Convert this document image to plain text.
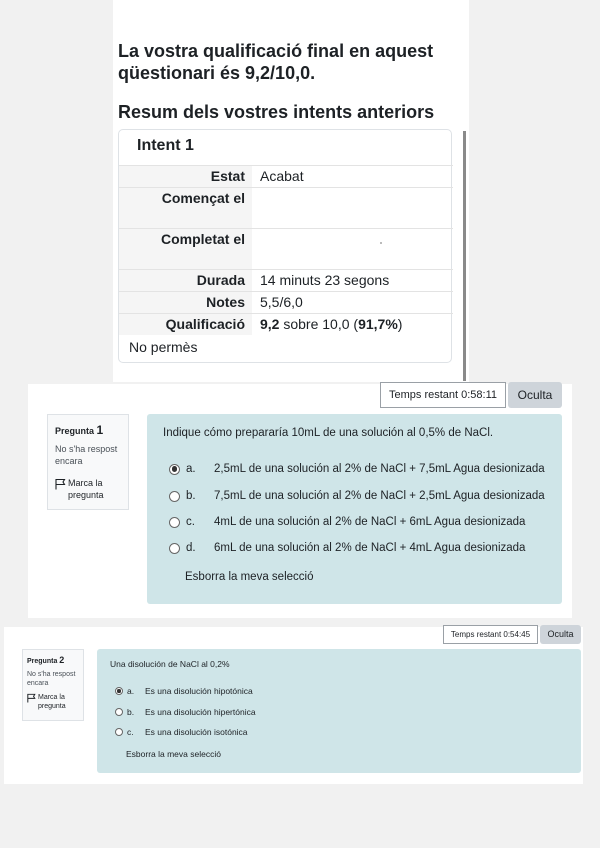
La vostra qualificació final en aquest qüestionari és 9,2/10,0.
Resum dels vostres intents anteriors
Intent 1
Estat	Acabat
Començat el	
Completat el	
Durada	14 minuts 23 segons
Notes	5,5/6,0
Qualificació	9,2 sobre 10,0 (91,7%)
No permès
Temps restant 0:58:11	Oculta
Pregunta 1
No s'ha respost encara
Marca la pregunta
Indique cómo prepararía 10mL de una solución al 0,5% de NaCl.
a.	2,5mL de una solución al 2% de NaCl + 7,5mL Agua desionizada
b.	7,5mL de una solución al 2% de NaCl + 2,5mL Agua desionizada
c.	4mL de una solución al 2% de NaCl + 6mL Agua desionizada
d.	6mL de una solución al 2% de NaCl + 4mL Agua desionizada
Esborra la meva selecció
Temps restant 0:54:45	Oculta
Pregunta 2
No s'ha respost encara
Marca la pregunta
Una disolución de NaCl al 0,2%
a.	Es una disolución hipotónica
b.	Es una disolución hipertónica
c.	Es una disolución isotónica
Esborra la meva selecció
